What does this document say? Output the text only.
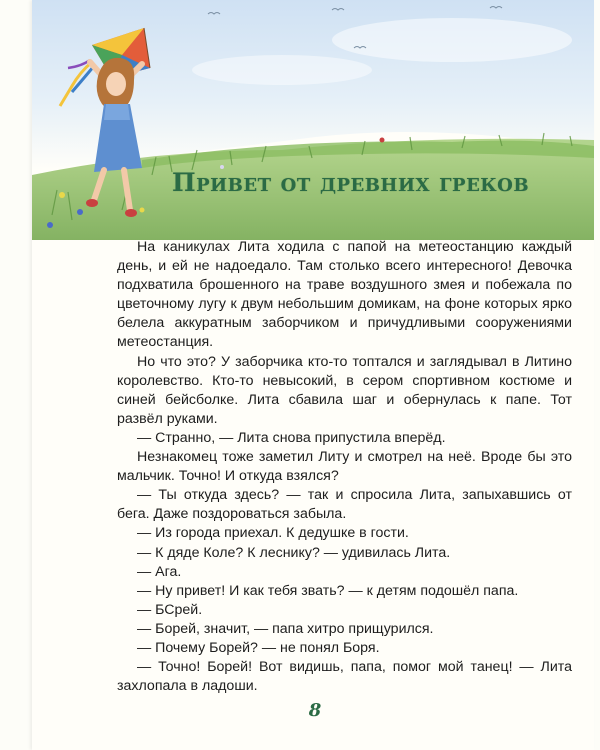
Привет от древних греков

На каникулах Лита ходила с папой на метеостанцию каждый день, и ей не надоедало. Там столько всего интересного! Девочка подхватила брошенного на траве воздушного змея и побежала по цветочному лугу к двум небольшим домикам, на фоне которых ярко белела аккуратным заборчиком и причудливыми сооружениями метеостанция.

Но что это? У заборчика кто-то топтался и заглядывал в Литино королевство. Кто-то невысокий, в сером спортивном костюме и синей бейсболке. Лита сбавила шаг и обернулась к папе. Тот развёл руками.

— Странно, — Лита снова припустила вперёд.

Незнакомец тоже заметил Литу и смотрел на неё. Вроде бы это мальчик. Точно! И откуда взялся?

— Ты откуда здесь? — так и спросила Лита, запыхавшись от бега. Даже поздороваться забыла.

— Из города приехал. К дедушке в гости.

— К дяде Коле? К леснику? — удивилась Лита.

— Ага.

— Ну привет! И как тебя звать? — к детям подошёл папа.

— БСрей.

— Борей, значит, — папа хитро прищурился.

— Почему Борей? — не понял Боря.

— Точно! Борей! Вот видишь, папа, помог мой танец! — Лита захлопала в ладоши.

8
